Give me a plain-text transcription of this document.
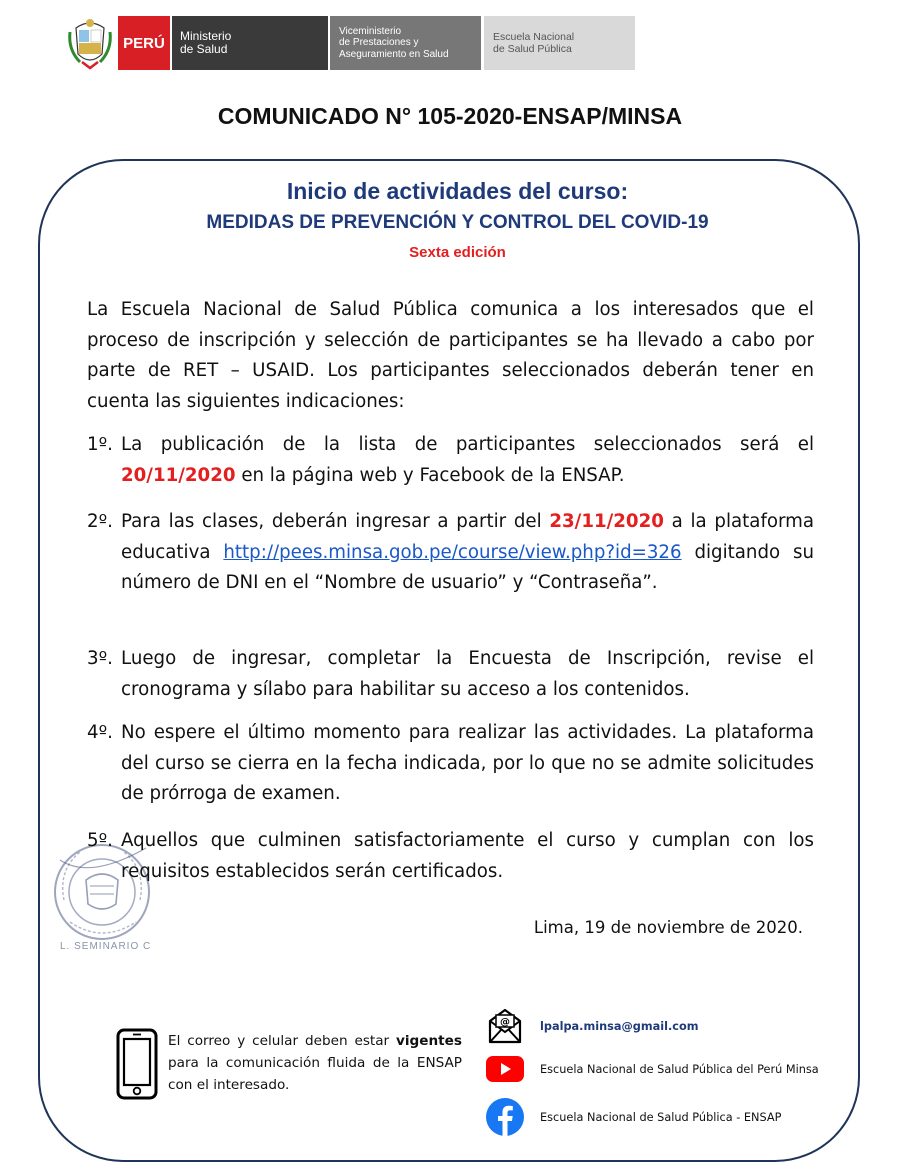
PERÚ Ministerio
de Salud
Viceministerio
de Prestaciones y
Aseguramiento en Salud
Escuela Nacional
de Salud Pública
COMUNICADO N° 105-2020-ENSAP/MINSA
Inicio de actividades del curso:
MEDIDAS DE PREVENCIÓN Y CONTROL DEL COVID-19
Sexta edición
La Escuela Nacional de Salud Pública comunica a los interesados que el proceso de inscripción y selección de participantes se ha llevado a cabo por parte de RET – USAID. Los participantes seleccionados deberán tener en cuenta las siguientes indicaciones:
1º. La publicación de la lista de participantes seleccionados será el 20/11/2020 en la página web y Facebook de la ENSAP.
2º. Para las clases, deberán ingresar a partir del 23/11/2020 a la plataforma educativa http://pees.minsa.gob.pe/course/view.php?id=326 digitando su número de DNI en el “Nombre de usuario” y “Contraseña”.
3º. Luego de ingresar, completar la Encuesta de Inscripción, revise el cronograma y sílabo para habilitar su acceso a los contenidos.
4º. No espere el último momento para realizar las actividades. La plataforma del curso se cierra en la fecha indicada, por lo que no se admite solicitudes de prórroga de examen.
L. SEMINARIO C
5º. Aquellos que culminen satisfactoriamente el curso y cumplan con los requisitos establecidos serán certificados.
Lima, 19 de noviembre de 2020.
El correo y celular deben estar vigentes para la comunicación fluida de la ENSAP con el interesado.
@	lpalpa.minsa@gmail.com
Escuela Nacional de Salud Pública del Perú Minsa
Escuela Nacional de Salud Pública - ENSAP
